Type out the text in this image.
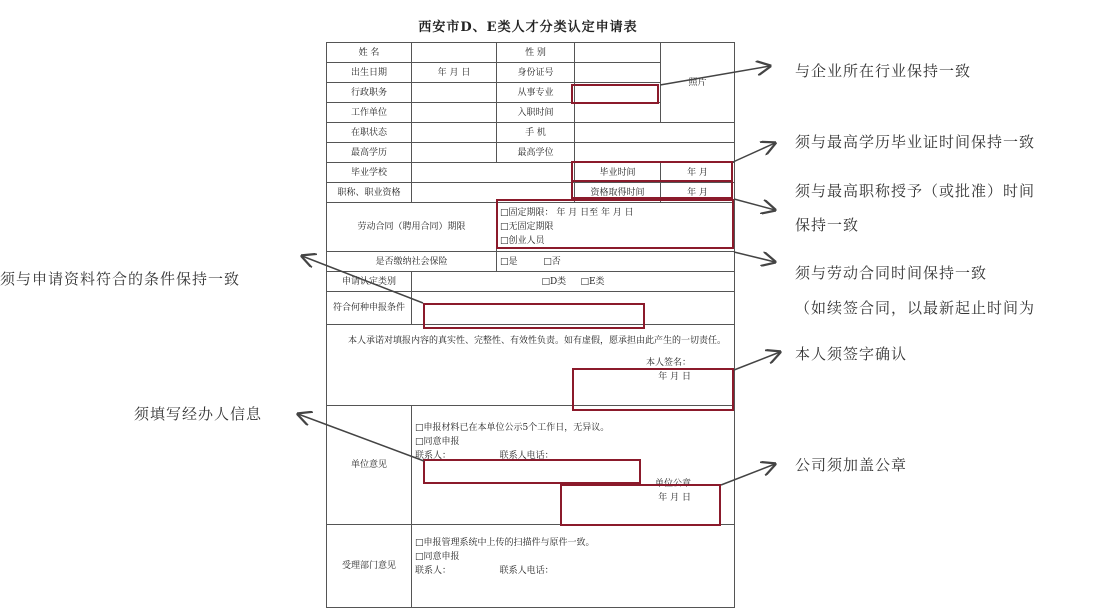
西安市D、E类人才分类认定申请表
姓 名		性 别		照片
出生日期	年 月 日	身份证号		
行政职务		从事专业		
工作单位		入职时间		
在职状态		手 机		
最高学历		最高学位		
毕业学校			毕业时间	年 月
职称、职业资格			资格取得时间	年 月
劳动合同（聘用合同）期限		□固定期限： 年 月 日至 年 月 日
□无固定期限
□创业人员		

是否缴纳社会保险		□是 □否		
申请认定类别	□D类 □E类			
符合何种申报条件				

本人承诺对填报内容的真实性、完整性、有效性负责。如有虚假，愿承担由此产生的一切责任。
本人签名：
年 月 日				

单位意见	□申报材料已在本单位公示5个工作日，无异议。
□同意申报
联系人： 联系人电话：
单位公章
年 月 日			

受理部门意见	□申报管理系统中上传的扫描件与原件一致。
□同意申报
联系人： 联系人电话：			
与企业所在行业保持一致
须与最高学历毕业证时间保持一致
须与最高职称授予（或批准）时间
保持一致
须与劳动合同时间保持一致
（如续签合同，以最新起止时间为
须与申请资料符合的条件保持一致
本人须签字确认
须填写经办人信息
公司须加盖公章
